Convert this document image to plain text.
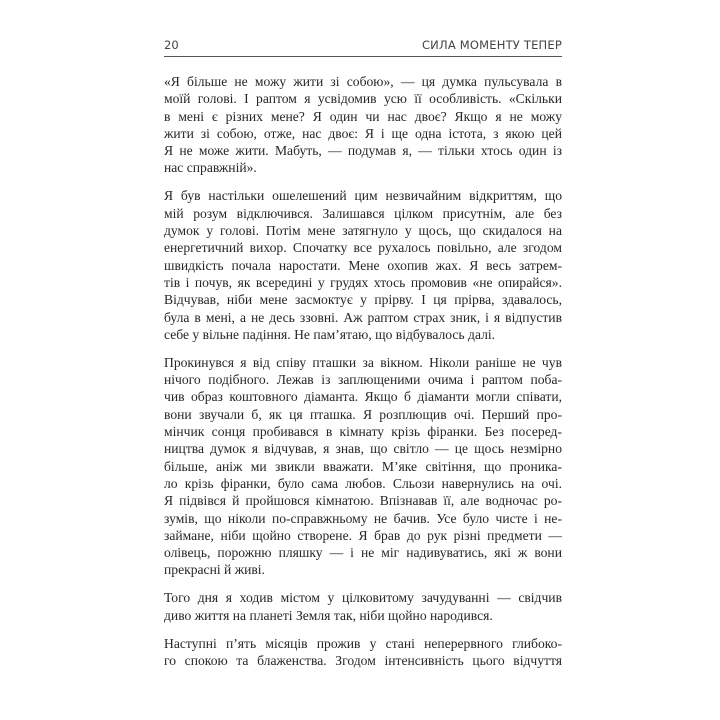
20	СИЛА МОМЕНТУ ТЕПЕР
«Я більше не можу жити зі собою», — ця думка пульсувала в
моїй голові. І раптом я усвідомив усю її особливість. «Скільки
в мені є різних мене? Я один чи нас двоє? Якщо я не можу
жити зі собою, отже, нас двоє: Я і ще одна істота, з якою цей
Я не може жити. Мабуть, — подумав я, — тільки хтось один із
нас справжній».
Я був настільки ошелешений цим незвичайним відкриттям, що
мій розум відключився. Залишався цілком присутнім, але без
думок у голові. Потім мене затягнуло у щось, що скидалося на
енергетичний вихор. Спочатку все рухалось повільно, але згодом
швидкість почала наростати. Мене охопив жах. Я весь затрем-
тів і почув, як всередині у грудях хтось промовив «не опирайся».
Відчував, ніби мене засмоктує у прірву. І ця прірва, здавалось,
була в мені, а не десь ззовні. Аж раптом страх зник, і я відпустив
себе у вільне падіння. Не пам’ятаю, що відбувалось далі.
Прокинувся я від співу пташки за вікном. Ніколи раніше не чув
нічого подібного. Лежав із заплющеними очима і раптом поба-
чив образ коштовного діаманта. Якщо б діаманти могли співати,
вони звучали б, як ця пташка. Я розплющив очі. Перший про-
мінчик сонця пробивався в кімнату крізь фіранки. Без посеред-
ництва думок я відчував, я знав, що світло — це щось незмірно
більше, аніж ми звикли вважати. М’яке світіння, що проника-
ло крізь фіранки, було сама любов. Сльози навернулись на очі.
Я підвівся й пройшовся кімнатою. Впізнавав її, але водночас ро-
зумів, що ніколи по-справжньому не бачив. Усе було чисте і не-
займане, ніби щойно створене. Я брав до рук різні предмети —
олівець, порожню пляшку — і не міг надивуватись, які ж вони
прекрасні й живі.
Того дня я ходив містом у цілковитому зачудуванні — свідчив
диво життя на планеті Земля так, ніби щойно народився.
Наступні п’ять місяців прожив у стані неперервного глибоко-
го спокою та блаженства. Згодом інтенсивність цього відчуття
